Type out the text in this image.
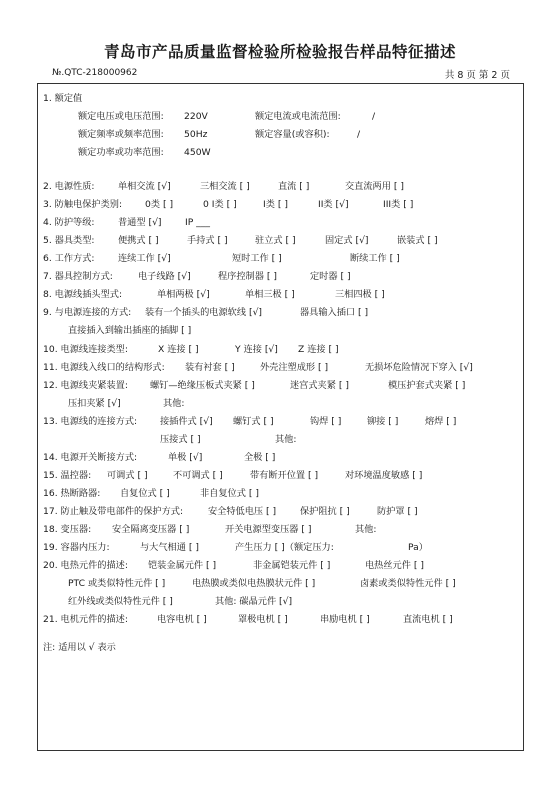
青岛市产品质量监督检验所检验报告样品特征描述
№.QTC-218000962	共 8 页 第 2 页
1. 额定值
额定电压或电压范围: 220V	额定电流或电流范围:	/
额定频率或频率范围: 50Hz	额定容量(或容积):	/
额定功率或功率范围: 450W
2. 电源性质:	单相交流 [√]	三相交流 [ ]	直流 [ ]	交直流两用 [ ]
3. 防触电保护类别: 0类 [ ]	0 I类 [ ]	I类 [ ]	II类 [√]	III类 [ ]
4. 防护等级:	普通型 [√]	IP ___
5. 器具类型:	便携式 [ ]	手持式 [ ]	驻立式 [ ]	固定式 [√]	嵌装式 [ ]
6. 工作方式:	连续工作 [√]	短时工作 [ ]	断续工作 [ ]
7. 器具控制方式:	电子线路 [√]	程序控制器 [ ]	定时器 [ ]
8. 电源线插头型式:	单相两极 [√]	单相三极 [ ]	三相四极 [ ]
9. 与电源连接的方式: 装有一个插头的电源软线 [√]	器具输入插口 [ ]
直接插入到输出插座的插脚 [ ]
10. 电源线连接类型:	X 连接 [ ]	Y 连接 [√] Z 连接 [ ]
11. 电源线入线口的结构形式: 装有衬套 [ ]	外壳注塑成形 [ ]	无损坏危险情况下穿入 [√]
12. 电源线夹紧装置: 螺钉—绝缘压板式夹紧 [ ]	迷宫式夹紧 [ ]	模压护套式夹紧 [ ]
压扣夹紧 [√]	其他:
13. 电源线的连接方式: 接插件式 [√] 螺钉式 [ ]	钩焊 [ ]	铆接 [ ]	熔焊 [ ]
压接式 [ ]	其他:
14. 电源开关断接方式:	单极 [√]	全极 [ ]
15. 温控器: 可调式 [ ]	不可调式 [ ]	带有断开位置 [ ]	对环境温度敏感 [ ]
16. 热断路器: 自复位式 [ ]	非自复位式 [ ]
17. 防止触及带电部件的保护方式:	安全特低电压 [ ]	保护阻抗 [ ]	防护罩 [ ]
18. 变压器: 安全隔离变压器 [ ]	开关电源型变压器 [ ]	其他:
19. 容器内压力:	与大气相通 [ ]	产生压力 [ ]（额定压力:	Pa）
20. 电热元件的描述: 铠装金属元件 [ ]	非金属铠装元件 [ ]	电热丝元件 [ ]
PTC 或类似特性元件 [ ]	电热膜或类似电热膜状元件 [ ]	卤素或类似特性元件 [ ]
红外线或类似特性元件 [ ]	其他: 碳晶元件 [√]
21. 电机元件的描述:	电容电机 [ ]	罩极电机 [ ]	串励电机 [ ]	直流电机 [ ]
注: 适用以 √ 表示
